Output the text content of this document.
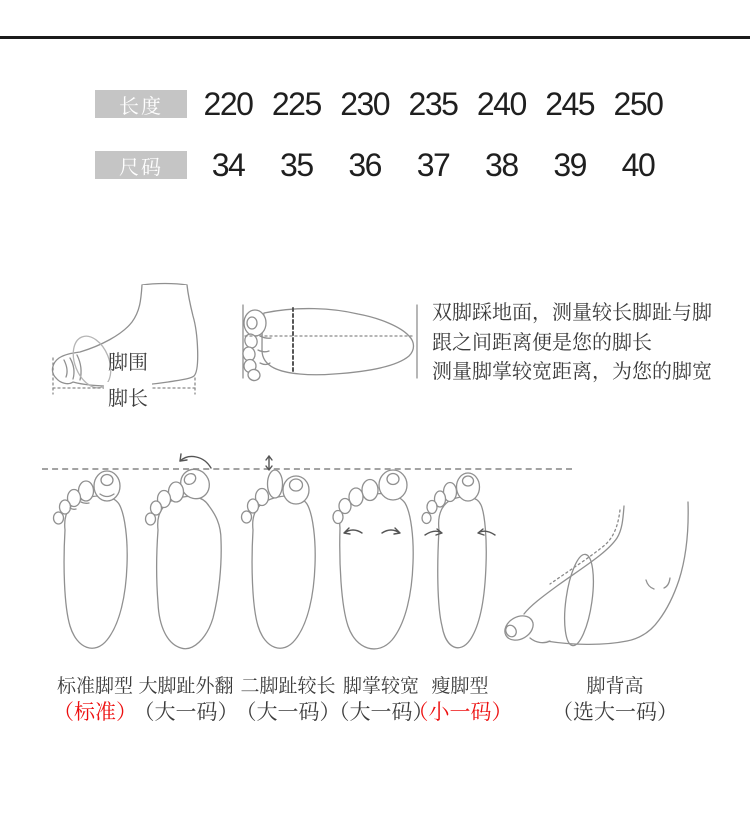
长度	220 225 230 235 240 245 250
尺码	34	35	36	37	38	39	40
脚围
脚长
双脚踩地面，测量较长脚趾与脚
跟之间距离便是您的脚长
测量脚掌较宽距离，为您的脚宽
标准脚型
（标准）
大脚趾外翻
（大一码）
二脚趾较长
（大一码）
脚掌较宽
（大一码）
瘦脚型
（小一码）
脚背高
（选大一码）
